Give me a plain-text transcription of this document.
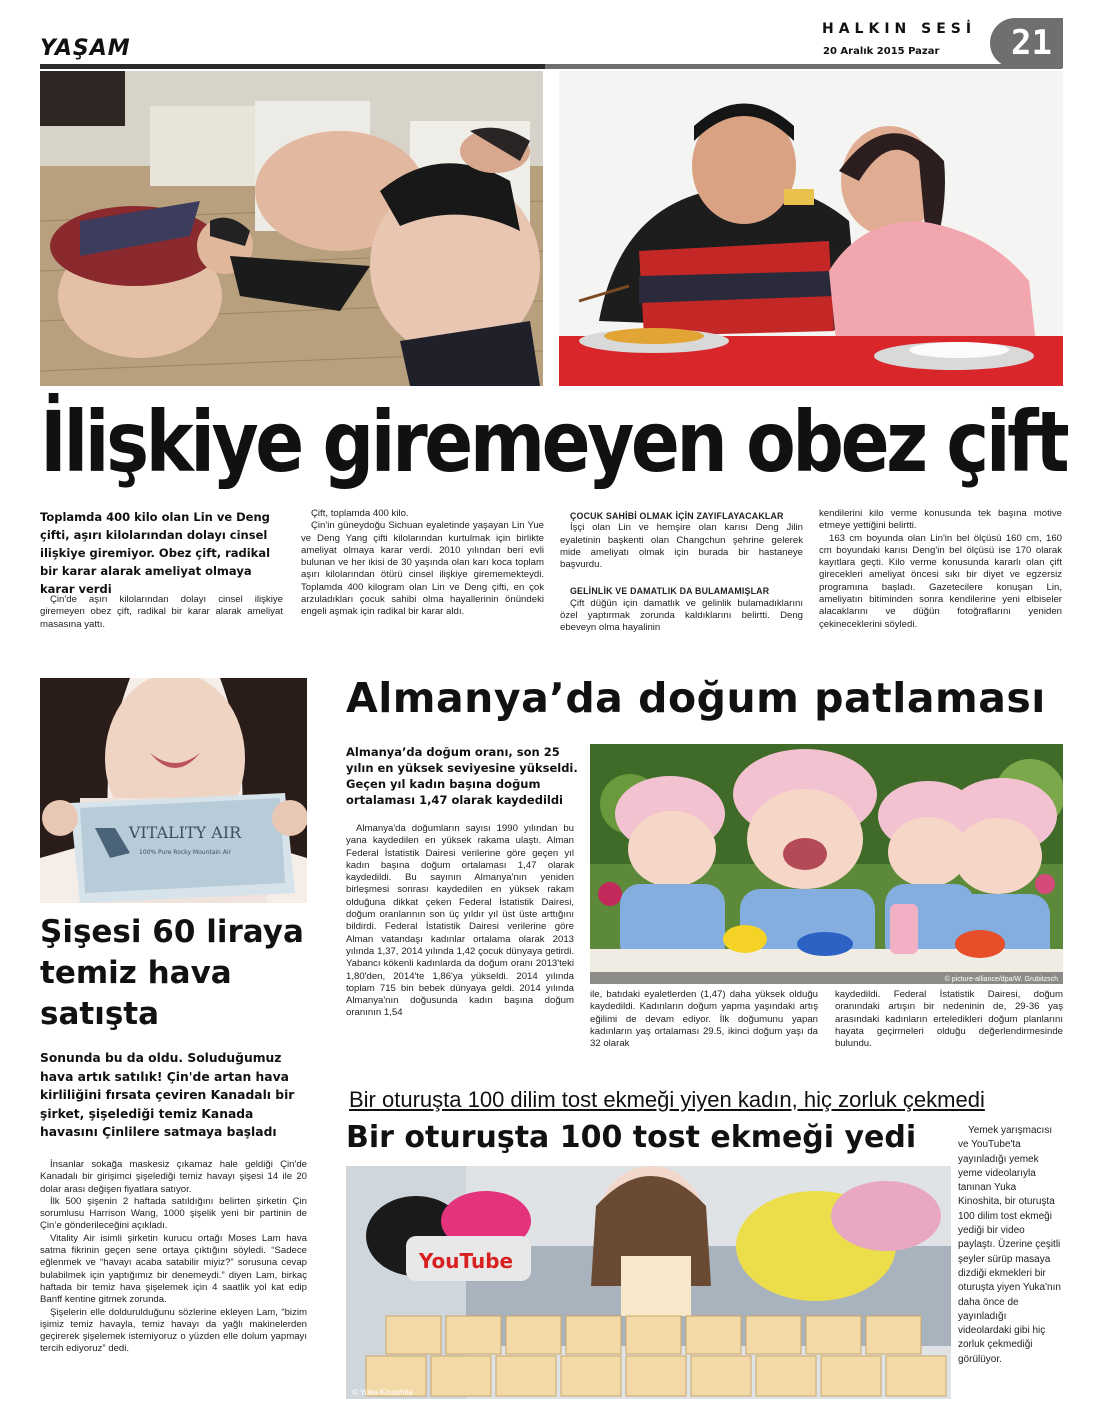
YAŞAM
HALKIN SESİ
20 Aralık 2015 Pazar	21
İlişkiye giremeyen obez çift
Toplamda 400 kilo olan Lin ve Deng çifti, aşırı kilolarından dolayı cinsel ilişkiye giremiyor. Obez çift, radikal bir karar alarak ameliyat olmaya karar verdi

Çin'de aşırı kilolarından dolayı cinsel ilişkiye giremeyen obez çift, radikal bir karar alarak ameliyat masasına yattı.

Çift, toplamda 400 kilo.

Çin'in güneydoğu Sichuan eyaletinde yaşayan Lin Yue ve Deng Yang çifti kilolarından kurtulmak için birlikte ameliyat olmaya karar verdi. 2010 yılından beri evli bulunan ve her ikisi de 30 yaşında olan karı koca toplam aşırı kilolarından ötürü cinsel ilişkiye girememekteydi. Toplamda 400 kilogram olan Lin ve Deng çifti, en çok arzuladıkları çocuk sahibi olma hayallerinin önündeki engeli aşmak için radikal bir karar aldı.

ÇOCUK SAHİBİ OLMAK İÇİN ZAYIFLAYACAKLAR

İşçi olan Lin ve hemşire olan karısı Deng Jilin eyaletinin başkenti olan Changchun şehrine gelerek mide ameliyatı olmak için burada bir hastaneye başvurdu.

GELİNLİK VE DAMATLIK DA BULAMAMIŞLAR

Çift düğün için damatlık ve gelinlik bulamadıklarını özel yaptırmak zorunda kaldıklarını belirtti. Deng ebeveyn olma hayalinin

kendilerini kilo verme konusunda tek başına motive etmeye yettiğini belirtti.

163 cm boyunda olan Lin'in bel ölçüsü 160 cm, 160 cm boyundaki karısı Deng'in bel ölçüsü ise 170 olarak kayıtlara geçti. Kilo verme konusunda kararlı olan çift girecekleri ameliyat öncesi sıkı bir diyet ve egzersiz programına başladı. Gazetecilere konuşan Lin, ameliyatın bitiminden sonra kendilerine yeni elbiseler alacaklarını ve düğün fotoğraflarını yeniden çekineceklerini söyledi.

VITALITY AIR
100% Pure Rocky Mountain Air
Şişesi 60 liraya temiz hava satışta
Sonunda bu da oldu. Soluduğumuz hava artık satılık! Çin'de artan hava kirliliğini fırsata çeviren Kanadalı bir şirket, şişelediği temiz Kanada havasını Çinlilere satmaya başladı

İnsanlar sokağa maskesiz çıkamaz hale geldiği Çin'de Kanadalı bir girişimci şişelediği temiz havayı şişesi 14 ile 20 dolar arası değişen fiyatlara satıyor.

İlk 500 şişenin 2 haftada satıldığını belirten şirketin Çin sorumlusu Harrison Wang, 1000 şişelik yeni bir partinin de Çin’e gönderileceğini açıkladı.

Vitality Air isimli şirketin kurucu ortağı Moses Lam hava satma fikrinin geçen sene ortaya çıktığını söyledi. “Sadece eğlenmek ve “havayı acaba satabilir miyiz?” sorusuna cevap bulabilmek için yaptığımız bir denemeydi.” diyen Lam, birkaç haftada bir temiz hava şişelemek için 4 saatlik yol kat edip Banff kentine gitmek zorunda.

Şişelerin elle doldurulduğunu sözlerine ekleyen Lam, “bizim işimiz temiz havayla, temiz havayı da yağlı makinelerden geçirerek şişelemek istemiyoruz o yüzden elle dolum yapmayı tercih ediyoruz” dedi.

Almanya’da doğum patlaması
Almanya’da doğum oranı, son 25 yılın en yüksek seviyesine yükseldi. Geçen yıl kadın başına doğum ortalaması 1,47 olarak kaydedildi

Almanya'da doğumların sayısı 1990 yılından bu yana kaydedilen en yüksek rakama ulaştı. Alman Federal İstatistik Dairesi verilerine göre geçen yıl kadın başına doğum ortalaması 1,47 olarak kaydedildi. Bu sayının Almanya'nın yeniden birleşmesi sonrası kaydedilen en yüksek rakam olduğuna dikkat çeken Federal İstatistik Dairesi, doğum oranlarının son üç yıldır yıl üst üste arttığını bildirdi. Federal İstatistik Dairesi verilerine göre Alman vatandaşı kadınlar ortalama olarak 2013 yılında 1,37, 2014 yılında 1,42 çocuk dünyaya getirdi. Yabancı kökenli kadınlarda da doğum oranı 2013'teki 1,80'den, 2014'te 1,86'ya yükseldi. 2014 yılında toplam 715 bin bebek dünyaya geldi. 2014 yılında Almanya'nın doğusunda kadın başına doğum oranının 1,54

© picture-alliance/dpa/W. Grubitzsch

ile, batıdaki eyaletlerden (1,47) daha yüksek olduğu kaydedildi. Kadınların doğum yapma yaşındaki artış eğilimi de devam ediyor. İlk doğumunu yapan kadınların yaş ortalaması 29.5, ikinci doğum yaşı da 32 olarak

kaydedildi. Federal İstatistik Dairesi, doğum oranındaki artışın bir nedeninin de, 29-36 yaş arasındaki kadınların erteledikleri doğum planlarını hayata geçirmeleri olduğu değerlendirmesinde bulundu.

Bir oturuşta 100 dilim tost ekmeği yiyen kadın, hiç zorluk çekmedi
Bir oturuşta 100 tost ekmeği yedi
YouTube
© Yuka Kinoshita

Yemek yarışmacısı ve YouTube'ta yayınladığı yemek yeme videolarıyla tanınan Yuka Kinoshita, bir oturuşta 100 dilim tost ekmeği yediği bir video paylaştı. Üzerine çeşitli şeyler sürüp masaya dizdiği ekmekleri bir oturuşta yiyen Yuka'nın daha önce de yayınladığı videolardaki gibi hiç zorluk çekmediği görülüyor.
